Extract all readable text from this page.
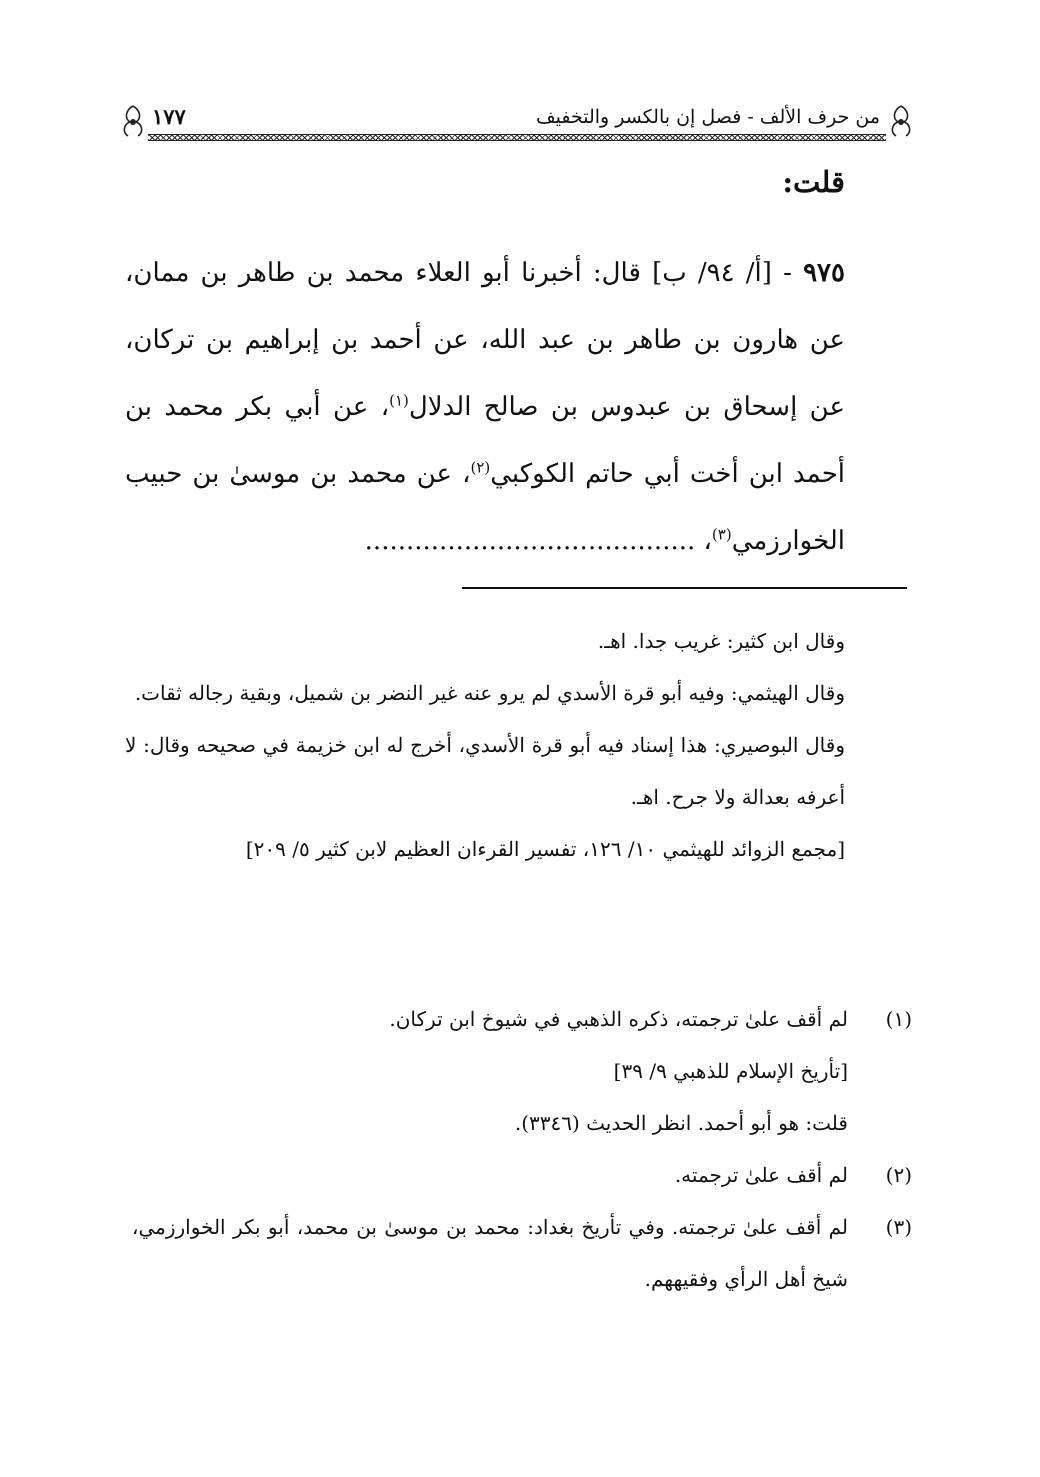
من حرف الألف - فصل إن بالكسر والتخفيف
١٧٧
قلت:

٩٧٥ - [أ/ ٩٤/ ب] قال: أخبرنا أبو العلاء محمد بن طاهر بن ممان، عن هارون بن طاهر بن عبد الله، عن أحمد بن إبراهيم بن تركان، عن إسحاق بن عبدوس بن صالح الدلال$^{(١)}$، عن أبي بكر محمد بن أحمد ابن أخت أبي حاتم الكوكبي$^{(٢)}$، عن محمد بن موسىٰ بن حبيب الخوارزمي$^{(٣)}$، ........................................

وقال ابن كثير: غريب جدا. اهـ.

وقال الهيثمي: وفيه أبو قرة الأسدي لم يرو عنه غير النضر بن شميل، وبقية رجاله ثقات.

وقال البوصيري: هذا إسناد فيه أبو قرة الأسدي، أخرج له ابن خزيمة في صحيحه وقال: لا أعرفه بعدالة ولا جرح. اهـ.

[مجمع الزوائد للهيثمي ١٠/ ١٢٦، تفسير القرءان العظيم لابن كثير ٥/ ٢٠٩]

(١)

لم أقف علىٰ ترجمته، ذكره الذهبي في شيوخ ابن تركان.

[تأريخ الإسلام للذهبي ٩/ ٣٩]

قلت: هو أبو أحمد. انظر الحديث (٣٣٤٦).

(٢)

لم أقف علىٰ ترجمته.

(٣)

لم أقف علىٰ ترجمته. وفي تأريخ بغداد: محمد بن موسىٰ بن محمد، أبو بكر الخوارزمي، شيخ أهل الرأي وفقيههم.
